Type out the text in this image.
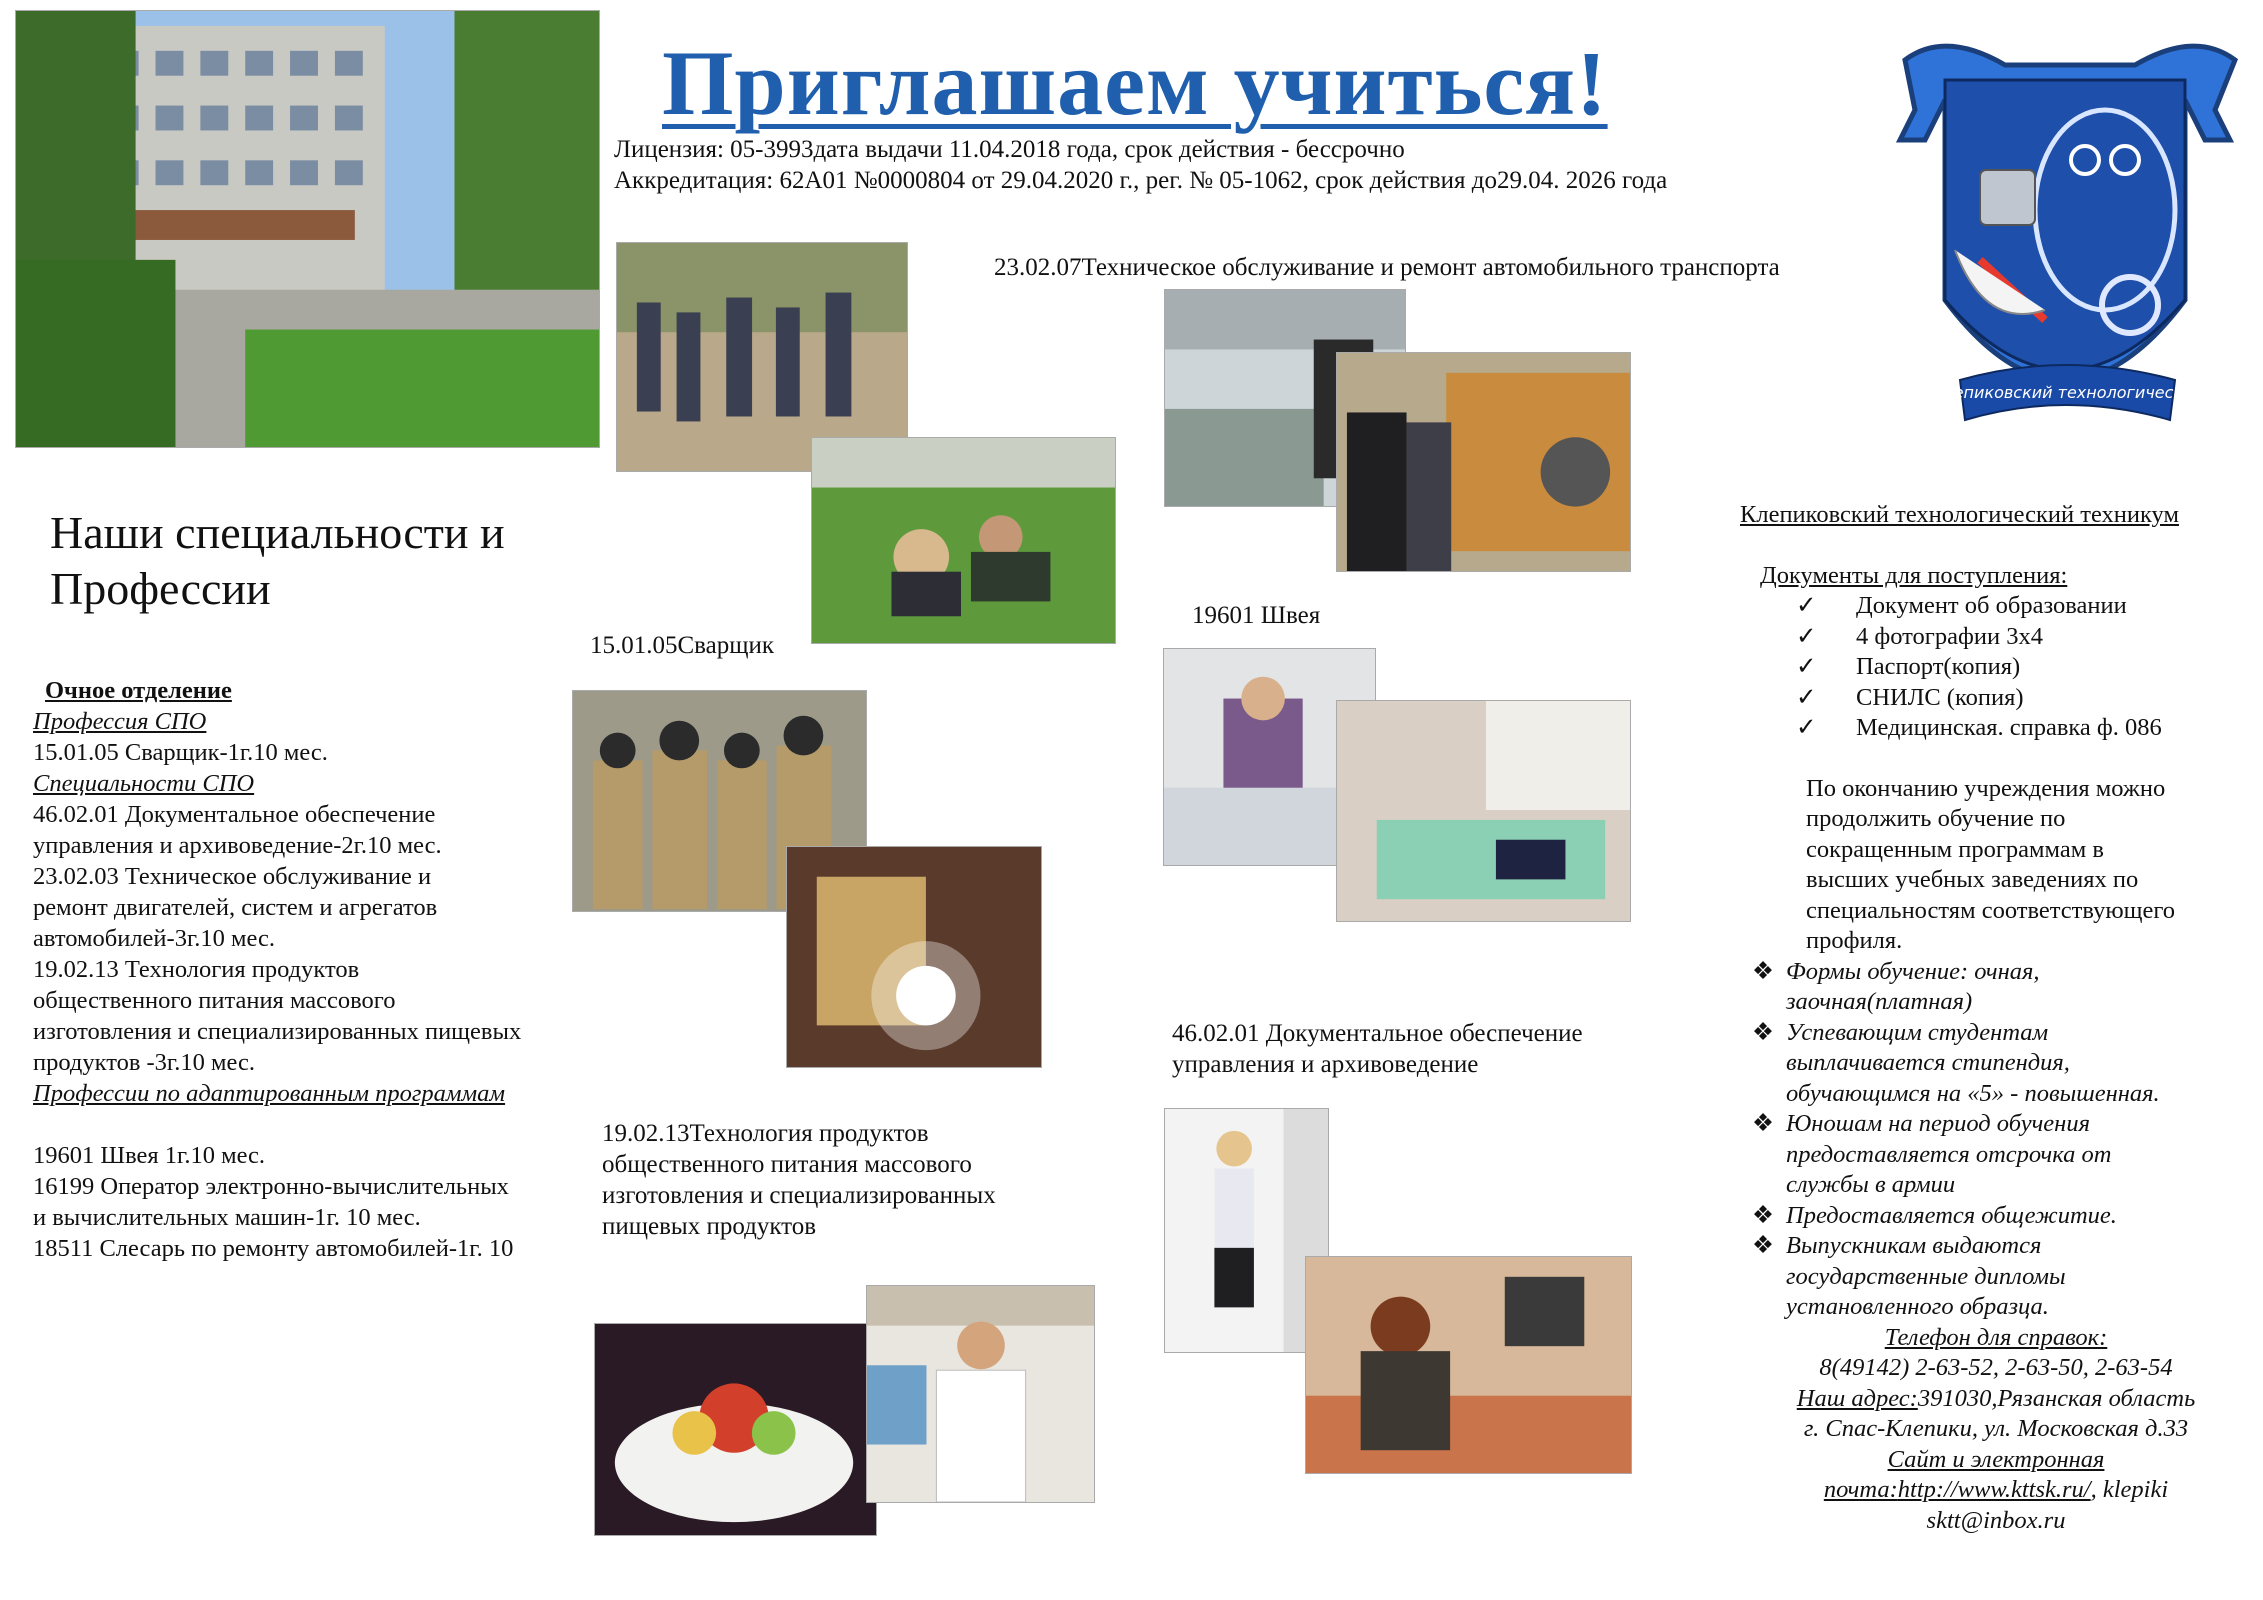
Приглашаем учиться!
Лицензия: 05-3993дата выдачи 11.04.2018 года, срок действия - бессрочно
Аккредитация: 62А01 №0000804 от 29.04.2020 г., рег. № 05-1062, срок действия до29.04. 2026 года
Клепиковский технологический
техникум
23.02.07Техническое обслуживание и ремонт автомобильного транспорта
Наши специальности и
Профессии
15.01.05Сварщик
19601 Швея
19.02.13Технология продуктов
общественного питания массового
изготовления и специализированных
пищевых продуктов
46.02.01 Документальное обеспечение
управления и архивоведение
Очное отделение
Профессия СПО
15.01.05 Сварщик-1г.10 мес.
Специальности СПО
46.02.01 Документальное обеспечение
управления и архивоведение-2г.10 мес.
23.02.03 Техническое обслуживание и
ремонт двигателей, систем и агрегатов
автомобилей-3г.10 мес.
19.02.13 Технология продуктов
общественного питания массового
изготовления и специализированных пищевых
продуктов -3г.10 мес.
Профессии по адаптированным программам
19601 Швея 1г.10 мес.
16199 Оператор электронно-вычислительных
и вычислительных машин-1г. 10 мес.
18511 Слесарь по ремонту автомобилей-1г. 10
Клепиковский технологический техникум
Документы для поступления:
✓	Документ об образовании
✓	4 фотографии 3х4
✓	Паспорт(копия)
✓	СНИЛС (копия)
✓	Медицинская. справка ф. 086
По окончанию учреждения можно
продолжить обучение по
сокращенным программам в
высших учебных заведениях по
специальностям соответствующего
профиля.
❖ Формы обучение: очная,
заочная(платная)
❖ Успевающим студентам
выплачивается стипендия,
обучающимся на «5» - повышенная.
❖ Юношам на период обучения
предоставляется отсрочка от
службы в армии
❖ Предоставляется общежитие.
❖ Выпускникам выдаются
государственные дипломы
установленного образца.
Телефон для справок:
8(49142) 2-63-52, 2-63-50, 2-63-54
Наш адрес:391030,Рязанская область
г. Спас-Клепики, ул. Московская д.33
Сайт и электронная
почта:http://www.kttsk.ru/, klepiki
sktt@inbox.ru
